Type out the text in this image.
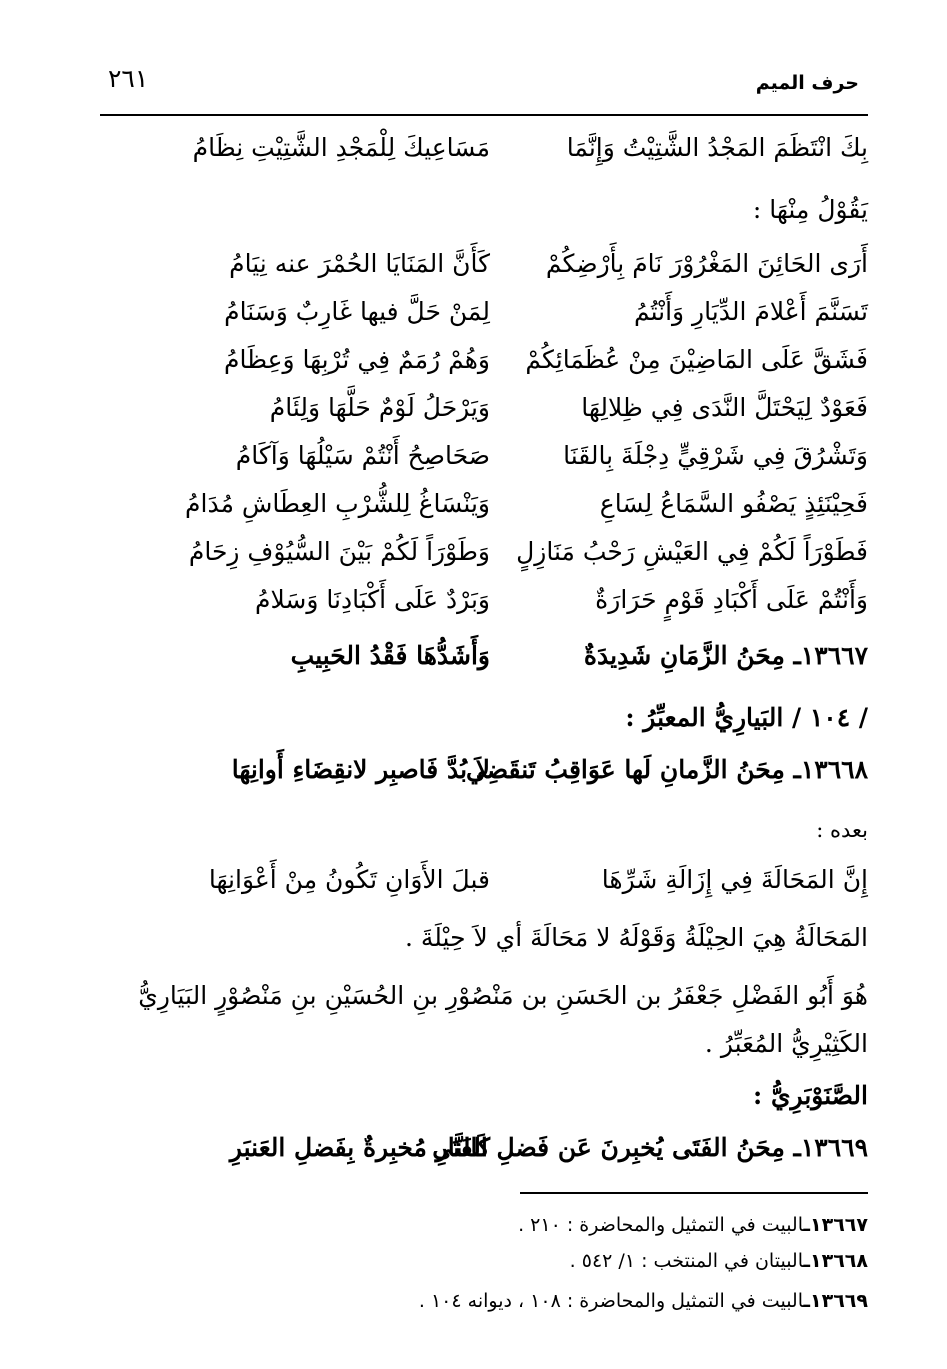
حرف الميم
٢٦١
بِكَ انْتَظَمَ المَجْدُ الشَّتِيْتُ وَإِنَّمَا
مَسَاعِيكَ لِلْمَجْدِ الشَّتِيْتِ نِظَامُ
يَقُوْلُ مِنْهَا :
أَرَى الحَائِنَ المَغْرُوْرَ نَامَ بِأَرْضِكُمْ
كَأَنَّ المَنَايَا الحُمْرَ عنه نِيَامُ
تَسَنَّمَ أَعْلامَ الدِّيَارِ وَأَنْتُمُ
لِمَنْ حَلَّ فيها غَارِبٌ وَسَنَامُ
فَشَقَّ عَلَى المَاضِيْنَ مِنْ عُظَمَائِكُمْ
وَهُمْ رُمَمٌ فِي تُرْبِهَا وَعِظَامُ
فَعَوْدٌ لِيَحْتَلَّ النَّدَى فِي ظِلالِهَا
وَيَرْحَلُ لَوْمٌ حَلَّهَا وَلِئَامُ
وَتَشْرُقَ فِي شَرْقِيٍّ دِجْلَةَ بِالقَنَا
صَحَاصِحُ أَنْتُمْ سَيْلُهَا وَآكَامُ
فَحِيْنَئِذٍ يَصْفُو السَّمَاعُ لِسَاعِ
وَيَنْسَاغُ لِلشُّرْبِ العِطَاشِ مُدَامُ
فَطَوْرَاً لَكُمْ فِي العَيْشِ رَحْبُ مَنَازِلٍ
وَطَوْرَاً لَكُمْ بَيْنَ السُّيُوْفِ زِحَامُ
وَأَنْتُمْ عَلَى أَكْبَادِ قَوْمٍ حَرَارَةٌ
وَبَرْدٌ عَلَى أَكْبَادِنَا وَسَلامُ
١٣٦٦٧ـ مِحَنُ الزَّمَانِ شَدِيدَةٌ
وَأَشَدُّهَا فَقْدُ الحَبِيبِ
/ ١٠٤ / البَيارِيُّ المعبِّرُ :
١٣٦٦٨ـ مِحَنُ الزَّمانِ لَها عَوَاقِبُ تَنقَضِي
لاَ بُدَّ فَاصبِر لانقِضَاءِ أَوانِهَا
بعده :
إِنَّ المَحَالَةَ فِي إِزَالَةِ شَرِّهَا
قبلَ الأَوَانِ تَكُونُ مِنْ أَعْوَانِهَا
المَحَالَةُ هِيَ الحِيْلَةُ وَقَوْلَهُ لا مَحَالَةَ أي لاَ حِيْلَةَ .
هُوَ أَبُو الفَضْلِ جَعْفَرُ بن الحَسَنِ بن مَنْصُوْرِ بنِ الحُسَيْنِ بنِ مَنْصُوْرٍ البَيَارِيُّ
الكَثِيْرِيُّ المُعَبِّرُ .
الصَّنَوْبَرِيُّ :
١٣٦٦٩ـ مِحَنُ الفَتَى يُخبِرنَ عَن فَضلِ الفَتَى
كَالنَّارِ مُخبِرةٌ بِفَضلِ العَنبَرِ
١٣٦٦٧ـالبيت في التمثيل والمحاضرة : ٢١٠ .
١٣٦٦٨ـالبيتان في المنتخب : ١/ ٥٤٢ .
١٣٦٦٩ـالبيت في التمثيل والمحاضرة : ١٠٨ ، ديوانه ١٠٤ .
